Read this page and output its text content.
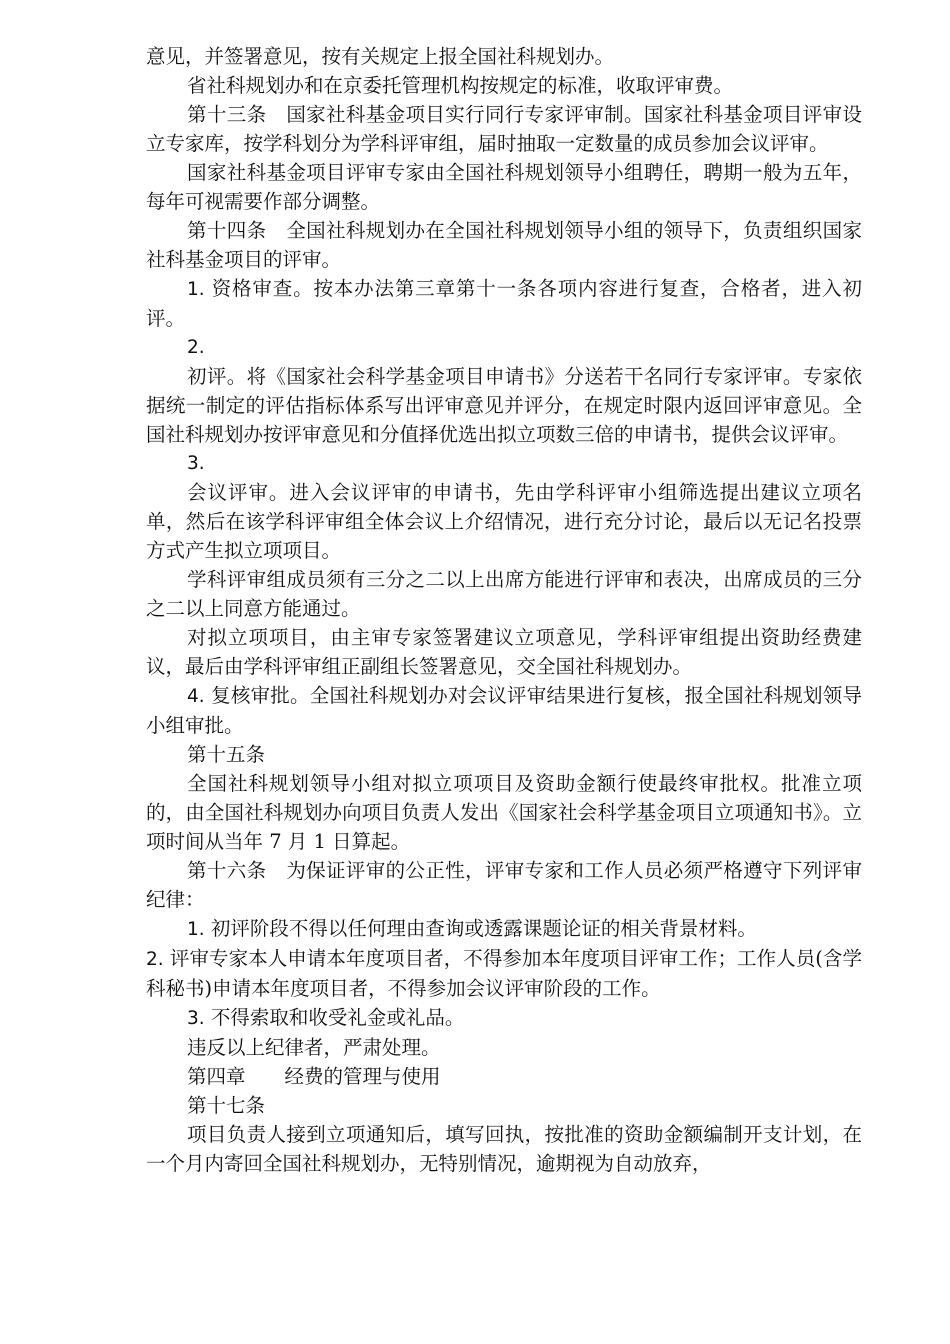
意见，并签署意见，按有关规定上报全国社科规划办。

省社科规划办和在京委托管理机构按规定的标准，收取评审费。

第十三条　国家社科基金项目实行同行专家评审制。国家社科基金项目评审设立专家库，按学科划分为学科评审组，届时抽取一定数量的成员参加会议评审。

国家社科基金项目评审专家由全国社科规划领导小组聘任，聘期一般为五年，每年可视需要作部分调整。

第十四条　全国社科规划办在全国社科规划领导小组的领导下，负责组织国家社科基金项目的评审。

1. 资格审查。按本办法第三章第十一条各项内容进行复查，合格者，进入初评。

2.

初评。将《国家社会科学基金项目申请书》分送若干名同行专家评审。专家依据统一制定的评估指标体系写出评审意见并评分，在规定时限内返回评审意见。全国社科规划办按评审意见和分值择优选出拟立项数三倍的申请书，提供会议评审。

3.

会议评审。进入会议评审的申请书，先由学科评审小组筛选提出建议立项名单，然后在该学科评审组全体会议上介绍情况，进行充分讨论，最后以无记名投票方式产生拟立项项目。

学科评审组成员须有三分之二以上出席方能进行评审和表决，出席成员的三分之二以上同意方能通过。

对拟立项项目，由主审专家签署建议立项意见，学科评审组提出资助经费建议，最后由学科评审组正副组长签署意见，交全国社科规划办。

4. 复核审批。全国社科规划办对会议评审结果进行复核，报全国社科规划领导小组审批。

第十五条

全国社科规划领导小组对拟立项项目及资助金额行使最终审批权。批准立项的，由全国社科规划办向项目负责人发出《国家社会科学基金项目立项通知书》。立项时间从当年 7 月 1 日算起。

第十六条　为保证评审的公正性，评审专家和工作人员必须严格遵守下列评审纪律：

1. 初评阶段不得以任何理由查询或透露课题论证的相关背景材料。

2. 评审专家本人申请本年度项目者，不得参加本年度项目评审工作；工作人员(含学科秘书)申请本年度项目者，不得参加会议评审阶段的工作。

3. 不得索取和收受礼金或礼品。

违反以上纪律者，严肃处理。

第四章　　经费的管理与使用

第十七条

项目负责人接到立项通知后，填写回执，按批准的资助金额编制开支计划，在一个月内寄回全国社科规划办，无特别情况，逾期视为自动放弃，
